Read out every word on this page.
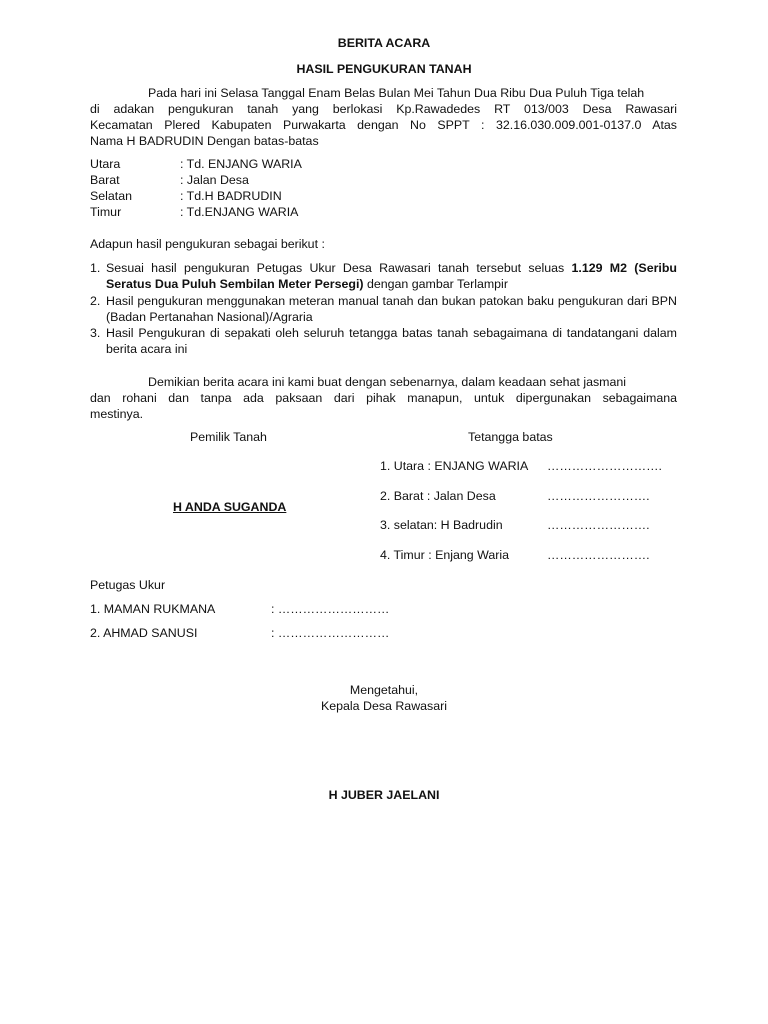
BERITA ACARA
HASIL PENGUKURAN TANAH
Pada hari ini Selasa Tanggal Enam Belas Bulan Mei Tahun Dua Ribu Dua Puluh Tiga telah
di adakan pengukuran tanah yang berlokasi Kp.Rawadedes RT 013/003 Desa Rawasari
Kecamatan Plered Kabupaten Purwakarta dengan No SPPT : 32.16.030.009.001-0137.0 Atas
Nama H BADRUDIN Dengan batas-batas
Utara	: Td. ENJANG WARIA
Barat	: Jalan Desa
Selatan	: Td.H BADRUDIN
Timur	: Td.ENJANG WARIA
Adapun hasil pengukuran sebagai berikut :
1. Sesuai hasil pengukuran Petugas Ukur Desa Rawasari tanah tersebut seluas 1.129 M2 (Seribu Seratus Dua Puluh Sembilan Meter Persegi) dengan gambar Terlampir
2. Hasil pengukuran menggunakan meteran manual tanah dan bukan patokan baku pengukuran dari BPN (Badan Pertanahan Nasional)/Agraria
3. Hasil Pengukuran di sepakati oleh seluruh tetangga batas tanah sebagaimana di tandatangani dalam berita acara ini
Demikian berita acara ini kami buat dengan sebenarnya, dalam keadaan sehat jasmani
dan rohani dan tanpa ada paksaan dari pihak manapun, untuk dipergunakan sebagaimana
mestinya.
Pemilik Tanah	Tetangga batas
H ANDA SUGANDA
1. Utara : ENJANG WARIA ……………………….
2. Barat : Jalan Desa	…………………….
3. selatan: H Badrudin	…………………….
4. Timur : Enjang Waria	…………………….
Petugas Ukur
1. MAMAN RUKMANA	: ………………………
2. AHMAD SANUSI	: ………………………
Mengetahui,
Kepala Desa Rawasari
H JUBER JAELANI
